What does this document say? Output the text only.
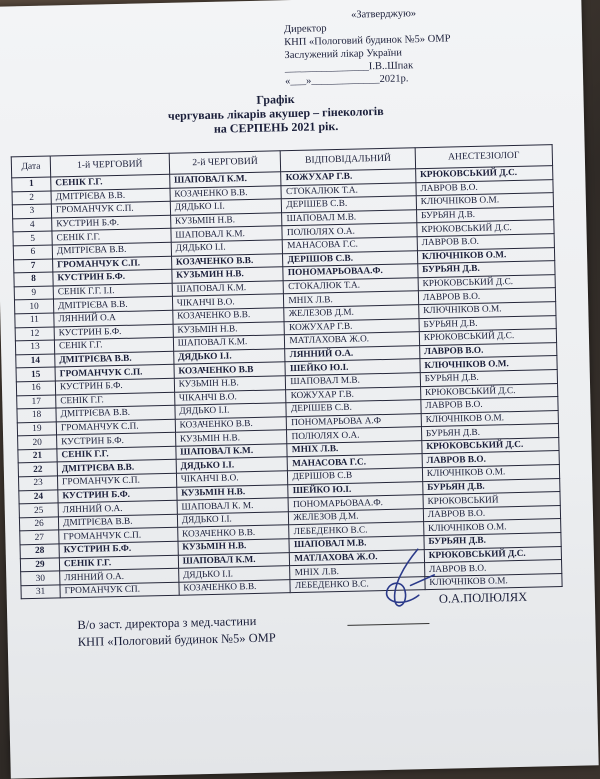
«Затверджую»
Директор
КНП «Пологовий будинок №5» ОМР
Заслужений лікар України
________________І.В..Шпак
«___»_____________2021р.
Графік
чергувань лікарів акушер – гінекологів
на СЕРПЕНЬ 2021 рік.
Дата	1-й ЧЕРГОВИЙ	2-й ЧЕРГОВИЙ	ВІДПОВІДАЛЬНИЙ	АНЕСТЕЗІОЛОГ
1	СЕНІК Г.Г.	ШАПОВАЛ К.М.	КОЖУХАР Г.В.	КРЮКОВСЬКИЙ Д.С.
2	ДМІТРІЄВА В.В.	КОЗАЧЕНКО В.В.	СТОКАЛЮК Т.А.	ЛАВРОВ В.О.
3	ГРОМАНЧУК С.П.	ДЯДЬКО І.І.	ДЕРІШЕВ С.В.	КЛЮЧНІКОВ О.М.
4	КУСТРИН Б.Ф.	КУЗЬМІН Н.В.	ШАПОВАЛ М.В.	БУРЬЯН Д.В.
5	СЕНІК Г.Г.	ШАПОВАЛ К.М.	ПОЛЮЛЯХ О.А.	КРЮКОВСЬКИЙ Д.С.
6	ДМІТРІЄВА В.В.	ДЯДЬКО І.І.	МАНАСОВА Г.С.	ЛАВРОВ В.О.
7	ГРОМАНЧУК С.П.	КОЗАЧЕНКО В.В.	ДЕРІШОВ С.В.	КЛЮЧНІКОВ О.М.
8	КУСТРИН Б.Ф.	КУЗЬМИН Н.В.	ПОНОМАРЬОВАА.Ф.	БУРЬЯН Д.В.
9	СЕНІК Г.Г. І.І.	ШАПОВАЛ К.М.	СТОКАЛЮК Т.А.	КРЮКОВСЬКИЙ Д.С.
10	ДМІТРІЄВА В.В.	ЧІКАНЧІ В.О.	МНІХ Л.В.	ЛАВРОВ В.О.
11	ЛЯННИЙ О.А	КОЗАЧЕНКО В.В.	ЖЕЛЕЗОВ Д.М.	КЛЮЧНІКОВ О.М.
12	КУСТРИН Б.Ф.	КУЗЬМІН Н.В.	КОЖУХАР Г.В.	БУРЬЯН Д.В.
13	СЕНІК Г.Г.	ШАПОВАЛ К.М.	МАТЛАХОВА Ж.О.	КРЮКОВСЬКИЙ Д.С.
14	ДМІТРІЄВА В.В.	ДЯДЬКО І.І.	ЛЯННИЙ О.А.	ЛАВРОВ В.О.
15	ГРОМАНЧУК С.П.	КОЗАЧЕНКО В.В	ШЕЙКО Ю.І.	КЛЮЧНІКОВ О.М.
16	КУСТРИН Б.Ф.	КУЗЬМІН Н.В.	ШАПОВАЛ М.В.	БУРЬЯН Д.В.
17	СЕНІК Г.Г.	ЧІКАНЧІ В.О.	КОЖУХАР Г.В.	КРЮКОВСЬКИЙ Д.С.
18	ДМІТРІЄВА В.В.	ДЯДЬКО І.І.	ДЕРІШЕВ С.В.	ЛАВРОВ В.О.
19	ГРОМАНЧУК С.П.	КОЗАЧЕНКО В.В.	ПОНОМАРЬОВА А.Ф	КЛЮЧНІКОВ О.М.
20	КУСТРИН Б.Ф.	КУЗЬМІН Н.В.	ПОЛЮЛЯХ О.А.	БУРЬЯН Д.В.
21	СЕНІК Г.Г.	ШАПОВАЛ К.М.	МНІХ Л.В.	КРЮКОВСЬКИЙ Д.С.
22	ДМІТРІЄВА В.В.	ДЯДЬКО І.І.	МАНАСОВА Г.С.	ЛАВРОВ В.О.
23	ГРОМАНЧУК С.П.	ЧІКАНЧІ В.О.	ДЕРІШОВ С.В	КЛЮЧНІКОВ О.М.
24	КУСТРИН Б.Ф.	КУЗЬМІН Н.В.	ШЕЙКО Ю.І.	БУРЬЯН Д.В.
25	ЛЯННИЙ О.А.	ШАПОВАЛ К. М.	ПОНОМАРЬОВАА.Ф.	КРЮКОВСЬКИЙ
26	ДМІТРІЄВА В.В.	ДЯДЬКО І.І.	ЖЕЛЕЗОВ Д.М.	ЛАВРОВ В.О.
27	ГРОМАНЧУК С.П.	КОЗАЧЕНКО В.В.	ЛЕБЕДЕНКО В.С.	КЛЮЧНІКОВ О.М.
28	КУСТРИН Б.Ф.	КУЗЬМІН Н.В.	ШАПОВАЛ М.В.	БУРЬЯН Д.В.
29	СЕНІК Г.Г.	ШАПОВАЛ К.М.	МАТЛАХОВА Ж.О.	КРЮКОВСЬКИЙ Д.С.
30	ЛЯННИЙ О.А.	ДЯДЬКО І.І.	МНІХ Л.В.	ЛАВРОВ В.О.
31	ГРОМАНЧУК СП.	КОЗАЧЕНКО В.В.	ЛЕБЕДЕНКО В.С.	КЛЮЧНІКОВ О.М.
О.А.ПОЛЮЛЯХ
В/о заст. директора з мед.частини
КНП «Пологовий будинок №5» ОМР
